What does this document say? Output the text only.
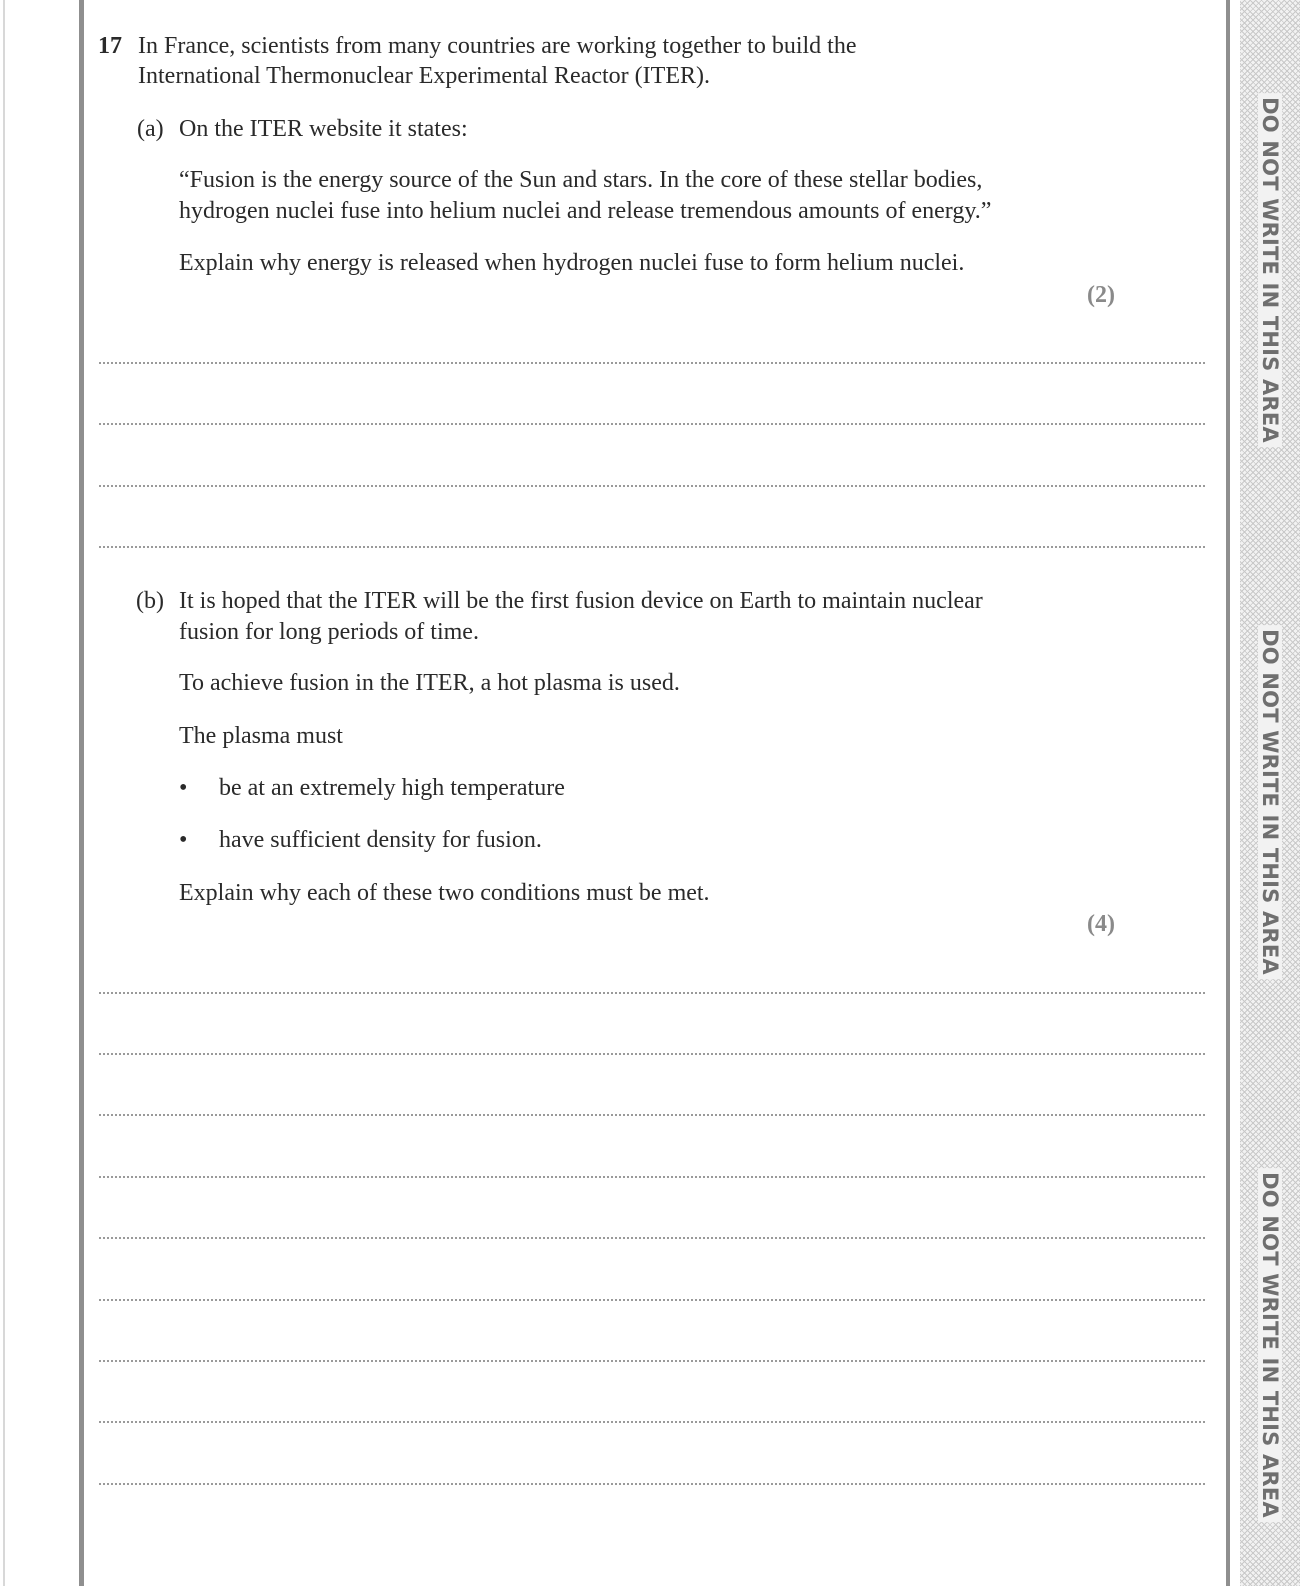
DO NOT WRITE IN THIS AREA
DO NOT WRITE IN THIS AREA
DO NOT WRITE IN THIS AREA
17 In France, scientists from many countries are working together to build the
International Thermonuclear Experimental Reactor (ITER).
(a) On the ITER website it states:
“Fusion is the energy source of the Sun and stars. In the core of these stellar bodies,
hydrogen nuclei fuse into helium nuclei and release tremendous amounts of energy.”
Explain why energy is released when hydrogen nuclei fuse to form helium nuclei.
(2)
(b) It is hoped that the ITER will be the first fusion device on Earth to maintain nuclear
fusion for long periods of time.
To achieve fusion in the ITER, a hot plasma is used.
The plasma must
• be at an extremely high temperature
• have sufficient density for fusion.
Explain why each of these two conditions must be met.
(4)
